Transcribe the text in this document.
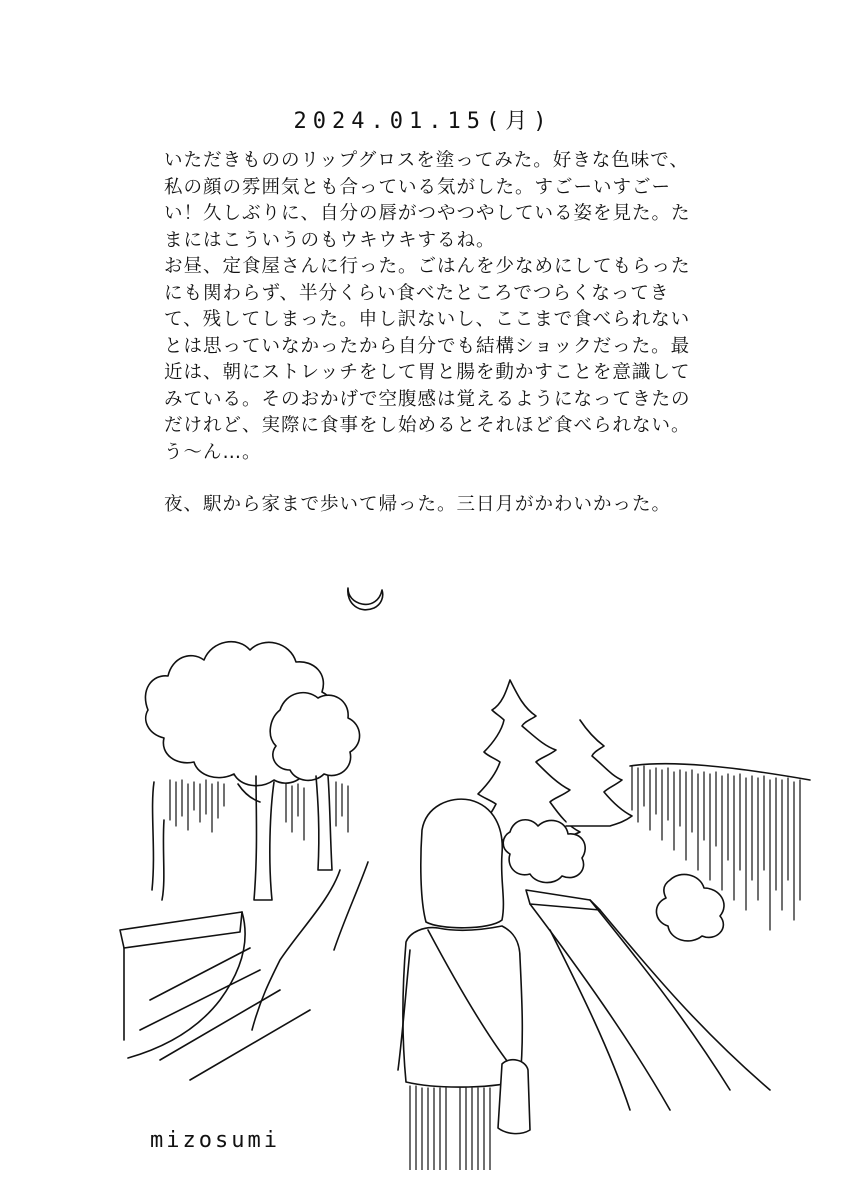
2024.01.15(月)

いただきもののリップグロスを塗ってみた。好きな色味で、私の顔の雰囲気とも合っている気がした。すごーいすごーい！久しぶりに、自分の唇がつやつやしている姿を見た。たまにはこういうのもウキウキするね。

お昼、定食屋さんに行った。ごはんを少なめにしてもらったにも関わらず、半分くらい食べたところでつらくなってきて、残してしまった。申し訳ないし、ここまで食べられないとは思っていなかったから自分でも結構ショックだった。最近は、朝にストレッチをして胃と腸を動かすことを意識してみている。そのおかげで空腹感は覚えるようになってきたのだけれど、実際に食事をし始めるとそれほど食べられない。う〜ん…。

夜、駅から家まで歩いて帰った。三日月がかわいかった。

mizosumi
